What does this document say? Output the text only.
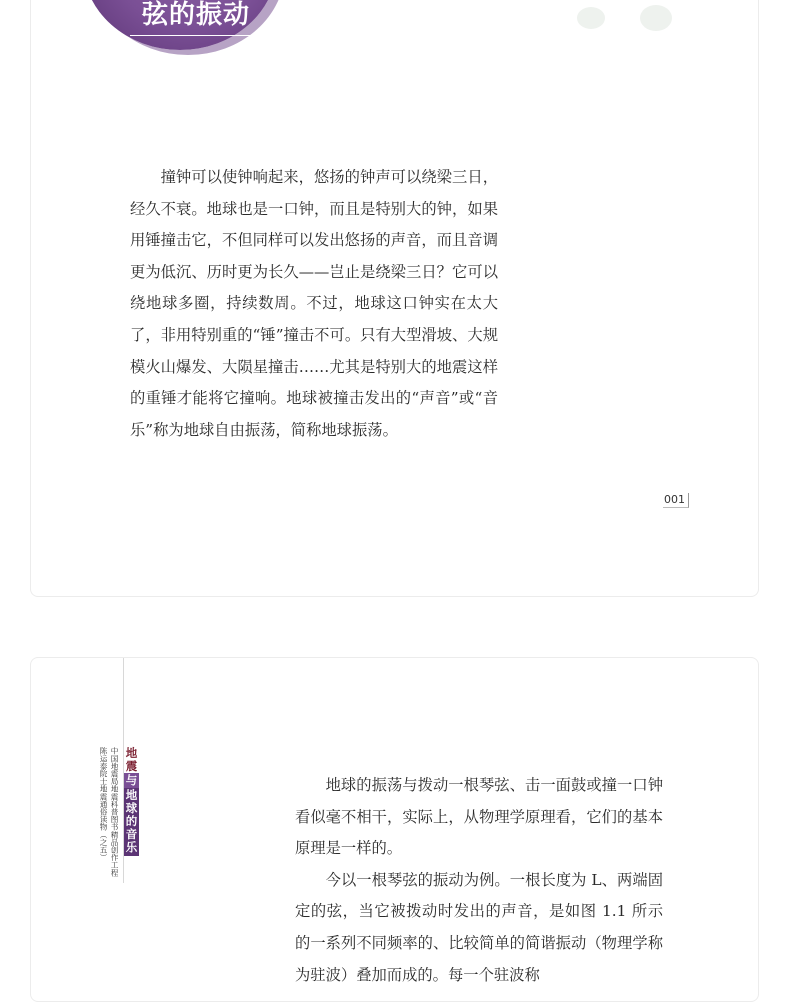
弦的振动

撞钟可以使钟响起来，悠扬的钟声可以绕梁三日，经久不衰。地球也是一口钟，而且是特别大的钟，如果用锤撞击它，不但同样可以发出悠扬的声音，而且音调更为低沉、历时更为长久——岂止是绕梁三日？它可以绕地球多圈，持续数周。不过，地球这口钟实在太大了，非用特别重的“锤”撞击不可。只有大型滑坡、大规模火山爆发、大陨星撞击……尤其是特别大的地震这样的重锤才能将它撞响。地球被撞击发出的“声音”或“音乐”称为地球自由振荡，简称地球振荡。

001
陈运泰院士地震通俗读物（之五） 中国地震局地震科普图书精品创作工程 地震
与
地球的音乐

地球的振荡与拨动一根琴弦、击一面鼓或撞一口钟看似毫不相干，实际上，从物理学原理看，它们的基本原理是一样的。

今以一根琴弦的振动为例。一根长度为 L、两端固定的弦，当它被拨动时发出的声音，是如图 1.1 所示的一系列不同频率的、比较简单的简谐振动（物理学称为驻波）叠加而成的。每一个驻波称
